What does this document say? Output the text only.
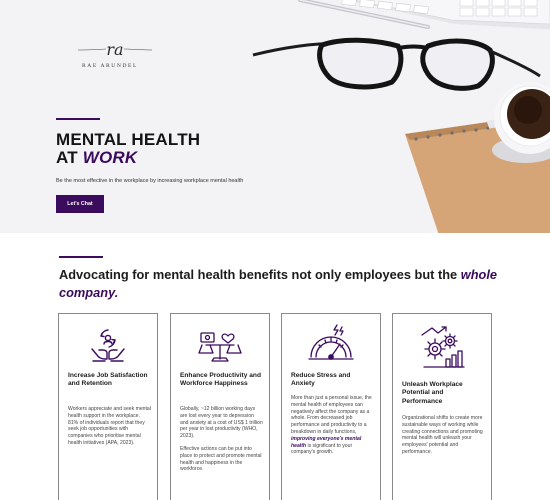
ra
RAE ARUNDEL
MENTAL HEALTH
AT WORK
Be the most effective in the workplace by increasing workplace mental health
Let's Chat
Advocating for mental health benefits not only employees but the whole company.
Increase Job Satisfaction and Retention
Workers appreciate and seek mental health support in the workplace. 81% of individuals report that they seek job opportunities with companies who prioritise mental health initiatives (APA, 2023).
Enhance Productivity and Workforce Happiness

Globally, ~12 billion working days are lost every year to depression and anxiety at a cost of US$ 1 trillion per year in lost productivity (WHO, 2023).

Effective actions can be put into place to protect and promote mental health and happiness in the workforce.

Reduce Stress and Anxiety
More than just a personal issue, the mental health of employees can negatively affect the company as a whole. From decreased job performance and productivity to a breakdown in daily functions, improving everyone's mental health is significant to your company's growth.
Unleash Workplace Potential and Performance
Organizational shifts to create more sustainable ways of working while creating connections and promoting mental health will unleash your employees' potential and performance.
